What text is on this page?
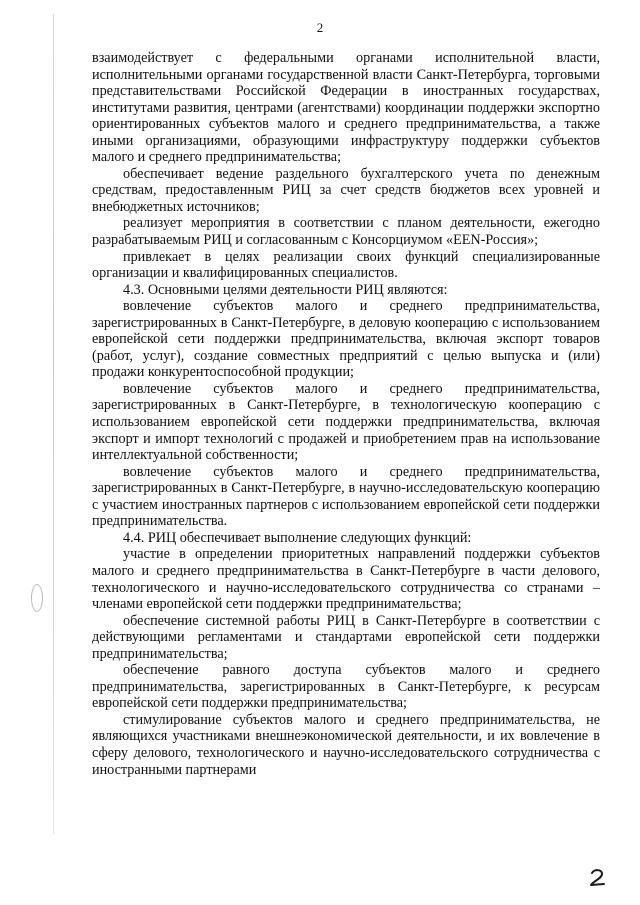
2

взаимодействует с федеральными органами исполнительной власти, исполнительными органами государственной власти Санкт-Петербурга, торговыми представительствами Российской Федерации в иностранных государствах, институтами развития, центрами (агентствами) координации поддержки экспортно ориентированных субъектов малого и среднего предпринимательства, а также иными организациями, образующими инфраструктуру поддержки субъектов малого и среднего предпринимательства;

обеспечивает ведение раздельного бухгалтерского учета по денежным средствам, предоставленным РИЦ за счет средств бюджетов всех уровней и внебюджетных источников;

реализует мероприятия в соответствии с планом деятельности, ежегодно разрабатываемым РИЦ и согласованным с Консорциумом «EEN-Россия»;

привлекает в целях реализации своих функций специализированные организации и квалифицированных специалистов.

4.3. Основными целями деятельности РИЦ являются:

вовлечение субъектов малого и среднего предпринимательства, зарегистрированных в Санкт-Петербурге, в деловую кооперацию с использованием европейской сети поддержки предпринимательства, включая экспорт товаров (работ, услуг), создание совместных предприятий с целью выпуска и (или) продажи конкурентоспособной продукции;

вовлечение субъектов малого и среднего предпринимательства, зарегистрированных в Санкт-Петербурге, в технологическую кооперацию с использованием европейской сети поддержки предпринимательства, включая экспорт и импорт технологий с продажей и приобретением прав на использование интеллектуальной собственности;

вовлечение субъектов малого и среднего предпринимательства, зарегистрированных в Санкт-Петербурге, в научно-исследовательскую кооперацию с участием иностранных партнеров с использованием европейской сети поддержки предпринимательства.

4.4. РИЦ обеспечивает выполнение следующих функций:

участие в определении приоритетных направлений поддержки субъектов малого и среднего предпринимательства в Санкт-Петербурге в части делового, технологического и научно-исследовательского сотрудничества со странами – членами европейской сети поддержки предпринимательства;

обеспечение системной работы РИЦ в Санкт-Петербурге в соответствии с действующими регламентами и стандартами европейской сети поддержки предпринимательства;

обеспечение равного доступа субъектов малого и среднего предпринимательства, зарегистрированных в Санкт-Петербурге, к ресурсам европейской сети поддержки предпринимательства;

стимулирование субъектов малого и среднего предпринимательства, не являющихся участниками внешнеэкономической деятельности, и их вовлечение в сферу делового, технологического и научно-исследовательского сотрудничества с иностранными партнерами
